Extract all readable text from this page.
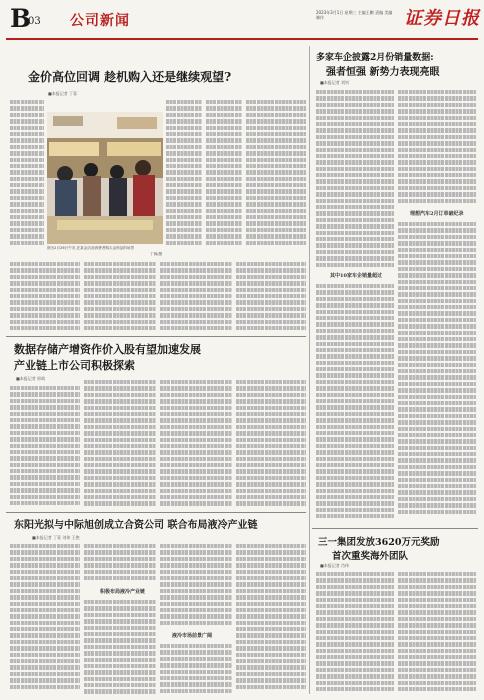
B
03 公司新闻
2023年3月1日 星期三 主编王鹏 责编 美编 制作	证券日报
金价高位回调 趁机购入还是继续观望?
■本报记者 丁蓉
图为2月26日午市,在某金店前消费者购买金饰品的场景
丁蓉/摄
多家车企披露2月份销量数据:
强者恒强 新势力表现亮眼
■本报记者 刘钊
其中10家车企销量超过
理想汽车2月订单破纪录
三一集团发放3620万元奖励
首次重奖海外团队
■本报记者 肖伟
数据存储产增资作价入股有望加速发展
产业链上市公司积极探索
■本报记者 邢萌
东阳光拟与中际旭创成立合资公司 联合布局液冷产业链
■本报记者 丁蓉 刘伟 王艳
积极布局液冷产业链
液冷市场前景广阔
